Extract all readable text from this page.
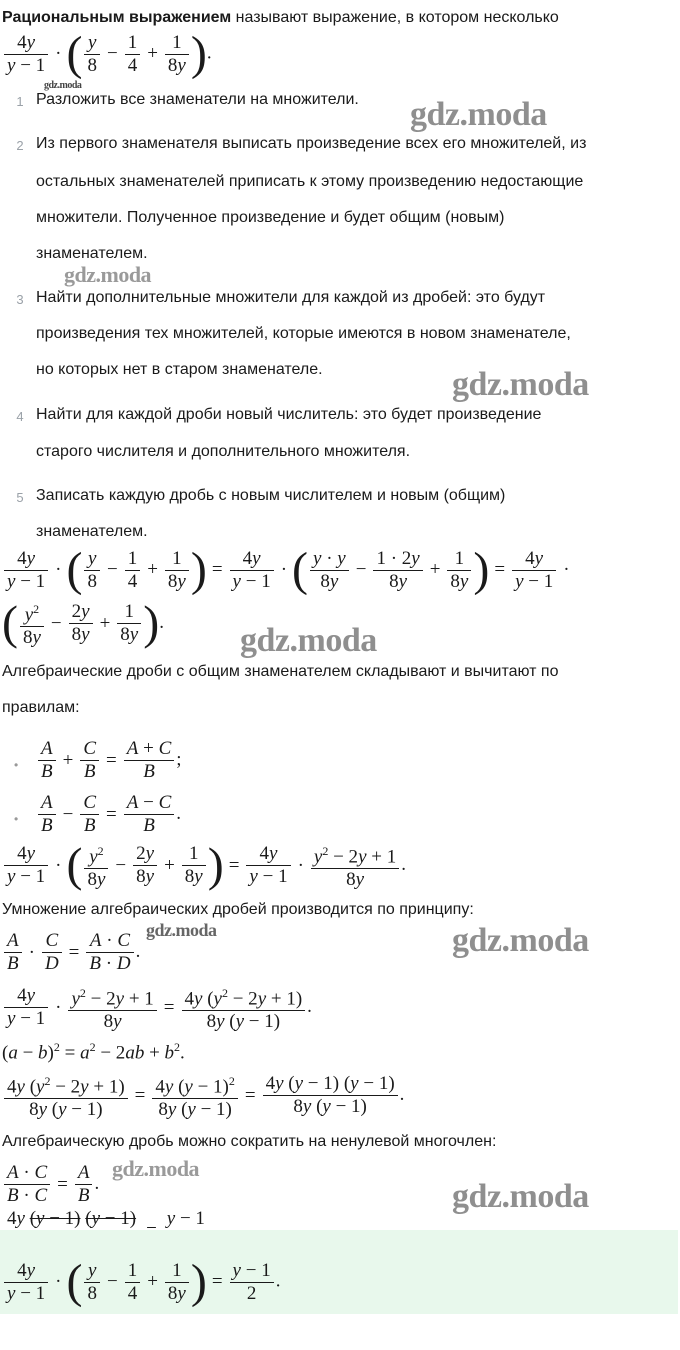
gdz.moda
gdz.moda
gdz.moda
gdz.moda
gdz.moda
gdz.moda	gdz.moda
gdz.moda
gdz.moda
Рациональным выражением называют выражение, в котором несколько
$\frac{4y}{y - 1}$ · ( $\frac{y}{8} - \frac{1}{4} + \frac{1}{8y}$ ).
1 Разложить все знаменатели на множители.
2 Из первого знаменателя выписать произведение всех его множителей, из
остальных знаменателей приписать к этому произведению недостающие
множители. Полученное произведение и будет общим (новым)
знаменателем.
3 Найти дополнительные множители для каждой из дробей: это будут
произведения тех множителей, которые имеются в новом знаменателе,
но которых нет в старом знаменателе.
4 Найти для каждой дроби новый числитель: это будет произведение
старого числителя и дополнительного множителя.
5 Записать каждую дробь с новым числителем и новым (общим)
знаменателем.
$\frac{4y}{y - 1}$ · ( $\frac{y}{8} - \frac{1}{4} + \frac{1}{8y}$ ) = $\frac{4y}{y - 1}$ · ( $\frac{y \cdot y}{8y} - \frac{1 \cdot 2y}{8y} + \frac{1}{8y}$ ) = $\frac{4y}{y - 1}$ ·
( $\frac{y^2}{8y} - \frac{2y}{8y} + \frac{1}{8y}$ ).
Алгебраические дроби с общим знаменателем складывают и вычитают по
правилам:
• $\frac{A}{B} + \frac{C}{B} = \frac{A + C}{B}$ ;
• $\frac{A}{B} - \frac{C}{B} = \frac{A - C}{B}$ .
$\frac{4y}{y - 1}$ · ( $\frac{y^2}{8y} - \frac{2y}{8y} + \frac{1}{8y}$ ) = $\frac{4y}{y - 1} \cdot \frac{y^2 - 2y + 1}{8y}$ .
Умножение алгебраических дробей производится по принципу:
$\frac{A}{B} \cdot \frac{C}{D} = \frac{A \cdot C}{B \cdot D}$ .
$\frac{4y}{y - 1} \cdot \frac{y^2 - 2y + 1}{8y} = \frac{4y (y^2 - 2y + 1)}{8y (y - 1)}$ .
$(a - b)^2 = a^2 - 2ab + b^2$.
$\frac{4y (y^2 - 2y + 1)}{8y (y - 1)} = \frac{4y (y - 1)^2}{8y (y - 1)} = \frac{4y (y - 1) (y - 1)}{8y (y - 1)}$ .
Алгебраическую дробь можно сократить на ненулевой многочлен:
$\frac{A \cdot C}{B \cdot C} = \frac{A}{B}$ .
4y (y − 1) (y − 1) y − 1
$\frac{4y}{y - 1}$ · ( $\frac{y}{8} - \frac{1}{4} + \frac{1}{8y}$ ) = $\frac{y - 1}{2}$ .
